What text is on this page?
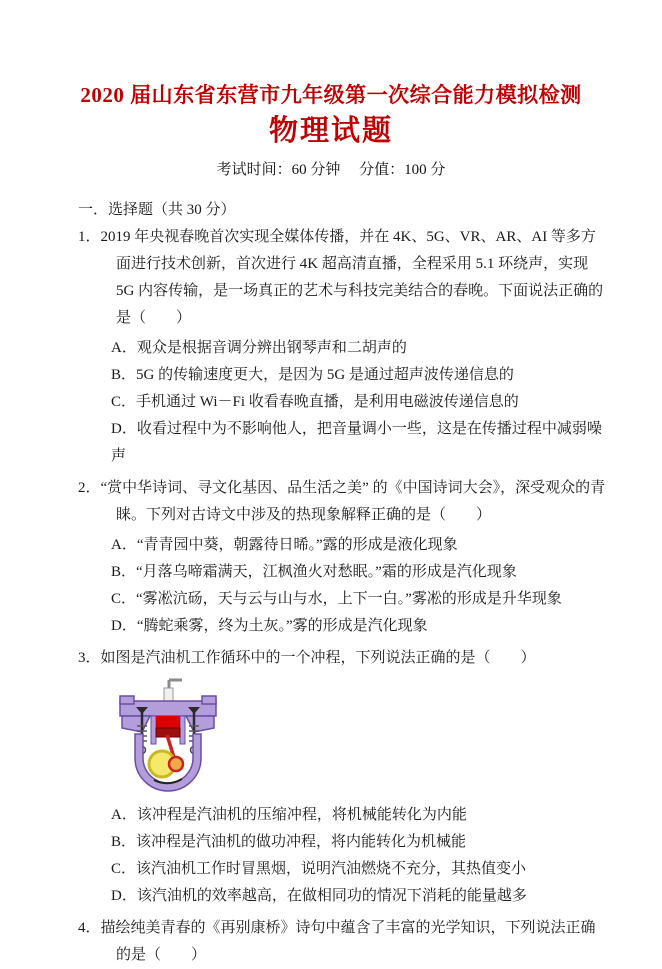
2020 届山东省东营市九年级第一次综合能力模拟检测
物理试题
考试时间：60 分钟     分值：100 分
一．选择题（共 30 分）
1．2019 年央视春晚首次实现全媒体传播，并在 4K、5G、VR、AR、AI 等多方面进行技术创新，首次进行 4K 超高清直播，全程采用 5.1 环绕声，实现 5G 内容传输，是一场真正的艺术与科技完美结合的春晚。下面说法正确的是（        ）
A．观众是根据音调分辨出钢琴声和二胡声的
B．5G 的传输速度更大，是因为 5G 是通过超声波传递信息的
C．手机通过 Wi－Fi 收看春晚直播，是利用电磁波传递信息的
D．收看过程中为不影响他人，把音量调小一些，这是在传播过程中减弱噪声
2．“赏中华诗词、寻文化基因、品生活之美” 的《中国诗词大会》，深受观众的青睐。下列对古诗文中涉及的热现象解释正确的是（        ）
A．“青青园中葵，朝露待日晞。”露的形成是液化现象
B．“月落乌啼霜满天，江枫渔火对愁眠。”霜的形成是汽化现象
C．“雾凇沆砀，天与云与山与水，上下一白。”雾凇的形成是升华现象
D．“腾蛇乘雾，终为土灰。”雾的形成是汽化现象
3．如图是汽油机工作循环中的一个冲程，下列说法正确的是（        ）
A．该冲程是汽油机的压缩冲程，将机械能转化为内能
B．该冲程是汽油机的做功冲程，将内能转化为机械能
C．该汽油机工作时冒黑烟，说明汽油燃烧不充分，其热值变小
D．该汽油机的效率越高，在做相同功的情况下消耗的能量越多
4．描绘纯美青春的《再别康桥》诗句中蕴含了丰富的光学知识，下列说法正确的是（        ）
